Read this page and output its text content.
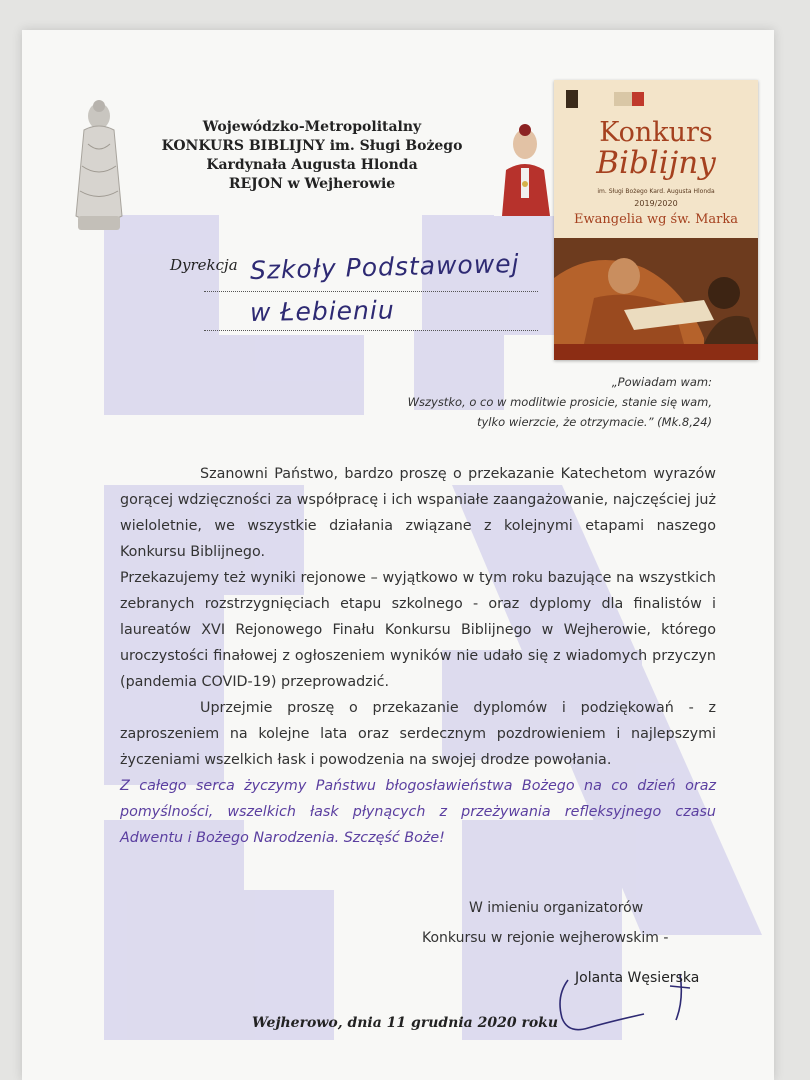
Wojewódzko-Metropolitalny
KONKURS BIBLIJNY im. Sługi Bożego
Kardynała Augusta Hlonda
REJON w Wejherowie
Konkurs
Biblijny
im. Sługi Bożego Kard. Augusta Hlonda
2019/2020
Ewangelia wg św. Marka
Dyrekcja Szkoły Podstawowej
w Łebieniu
„Powiadam wam:
Wszystko, o co w modlitwie prosicie, stanie się wam,
tylko wierzcie, że otrzymacie.” (Mk.8,24)

Szanowni Państwo, bardzo proszę o przekazanie Katechetom wyrazów gorącej wdzięczności za współpracę i ich wspaniałe zaangażowanie, najczęściej już wieloletnie, we wszystkie działania związane z kolejnymi etapami naszego Konkursu Biblijnego.

Przekazujemy też wyniki rejonowe – wyjątkowo w tym roku bazujące na wszystkich zebranych rozstrzygnięciach etapu szkolnego - oraz dyplomy dla finalistów i laureatów XVI Rejonowego Finału Konkursu Biblijnego w Wejherowie, którego uroczystości finałowej z ogłoszeniem wyników nie udało się z wiadomych przyczyn (pandemia COVID-19) przeprowadzić.

Uprzejmie proszę o przekazanie dyplomów i podziękowań - z zaproszeniem na kolejne lata oraz serdecznym pozdrowieniem i najlepszymi życzeniami wszelkich łask i powodzenia na swojej drodze powołania.

Z całego serca życzymy Państwu błogosławieństwa Bożego na co dzień oraz pomyślności, wszelkich łask płynących z przeżywania refleksyjnego czasu Adwentu i Bożego Narodzenia. Szczęść Boże!

W imieniu organizatorów
Konkursu w rejonie wejherowskim -
Jolanta Węsierska
Wejherowo, dnia 11 grudnia 2020 roku
